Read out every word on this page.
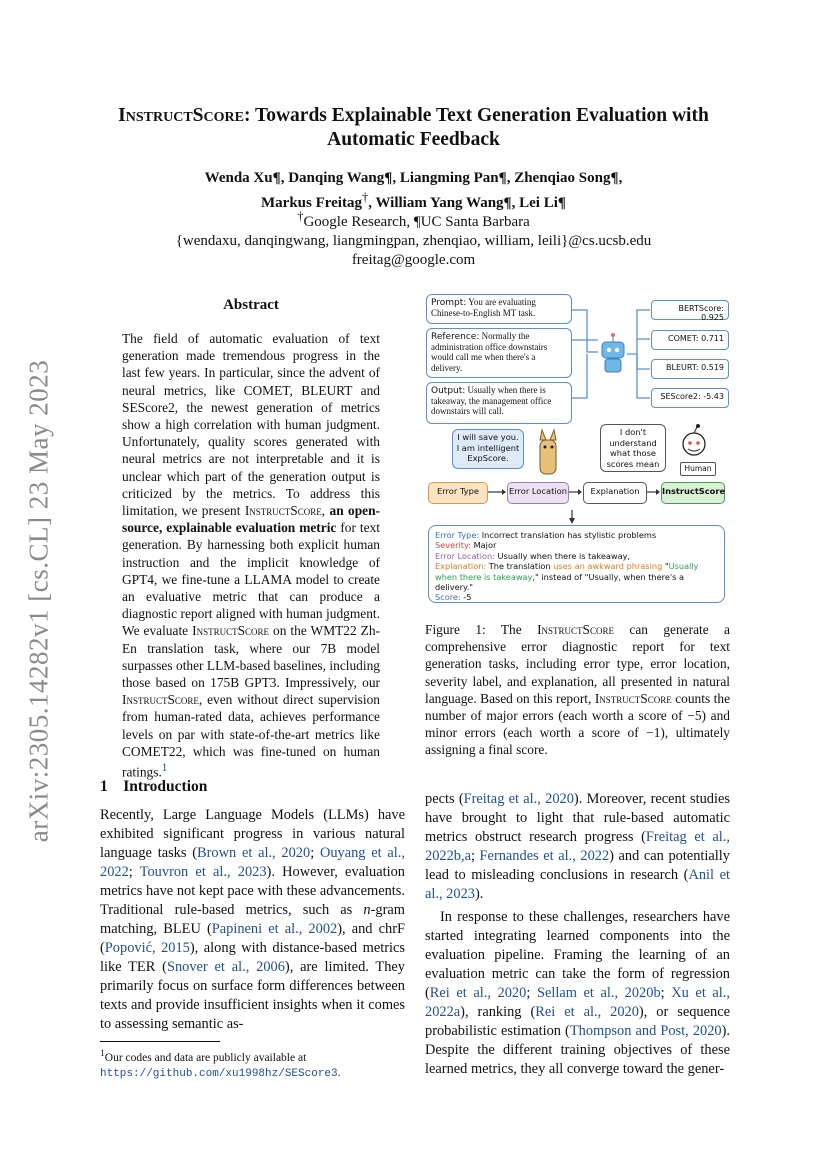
arXiv:2305.14282v1 [cs.CL] 23 May 2023
InstructScore: Towards Explainable Text Generation Evaluation with
Automatic Feedback
Wenda Xu¶, Danqing Wang¶, Liangming Pan¶, Zhenqiao Song¶,
Markus Freitag†, William Yang Wang¶, Lei Li¶
†Google Research, ¶UC Santa Barbara
{wendaxu, danqingwang, liangmingpan, zhenqiao, william, leili}@cs.ucsb.edu
freitag@google.com
Abstract
The field of automatic evaluation of text generation made tremendous progress in the last few years. In particular, since the advent of neural metrics, like COMET, BLEURT and SEScore2, the newest generation of metrics show a high correlation with human judgment. Unfortunately, quality scores generated with neural metrics are not interpretable and it is unclear which part of the generation output is criticized by the metrics. To address this limitation, we present InstructScore, an open-source, explainable evaluation metric for text generation. By harnessing both explicit human instruction and the implicit knowledge of GPT4, we fine-tune a LLAMA model to create an evaluative metric that can produce a diagnostic report aligned with human judgment. We evaluate InstructScore on the WMT22 Zh-En translation task, where our 7B model surpasses other LLM-based baselines, including those based on 175B GPT3. Impressively, our InstructScore, even without direct supervision from human-rated data, achieves performance levels on par with state-of-the-art metrics like COMET22, which was fine-tuned on human ratings.$^1$
Prompt: You are evaluating Chinese-to-English MT task.
Reference: Normally the administration office downstairs would call me when there's a delivery.
Output: Usually when there is takeaway, the management office downstairs will call.
BERTScore: 0.925
COMET: 0.711
BLEURT: 0.519
SEScore2: -5.43
I will save you. I am intelligent ExpScore.
I don't understand what those scores mean	Human
Error Type	Error Location	Explanation	InstructScore
Error Type: Incorrect translation has stylistic problems
Severity: Major
Error Location: Usually when there is takeaway,
Explanation: The translation uses an awkward phrasing "Usually when there is takeaway," instead of "Usually, when there's a delivery."
Score: -5
Figure 1: The InstructScore can generate a comprehensive error diagnostic report for text generation tasks, including error type, error location, severity label, and explanation, all presented in natural language. Based on this report, InstructScore counts the number of major errors (each worth a score of −5) and minor errors (each worth a score of −1), ultimately assigning a final score.
1 Introduction
Recently, Large Language Models (LLMs) have exhibited significant progress in various natural language tasks (Brown et al., 2020; Ouyang et al., 2022; Touvron et al., 2023). However, evaluation metrics have not kept pace with these advancements. Traditional rule-based metrics, such as n-gram matching, BLEU (Papineni et al., 2002), and chrF (Popović, 2015), along with distance-based metrics like TER (Snover et al., 2006), are limited. They primarily focus on surface form differences between texts and provide insufficient insights when it comes to assessing semantic as-

pects (Freitag et al., 2020). Moreover, recent studies have brought to light that rule-based automatic metrics obstruct research progress (Freitag et al., 2022b,a; Fernandes et al., 2022) and can potentially lead to misleading conclusions in research (Anil et al., 2023).

In response to these challenges, researchers have started integrating learned components into the evaluation pipeline. Framing the learning of an evaluation metric can take the form of regression (Rei et al., 2020; Sellam et al., 2020b; Xu et al., 2022a), ranking (Rei et al., 2020), or sequence probabilistic estimation (Thompson and Post, 2020). Despite the different training objectives of these learned metrics, they all converge toward the gener-

$^1$Our codes and data are publicly available at https://github.com/xu1998hz/SEScore3.
